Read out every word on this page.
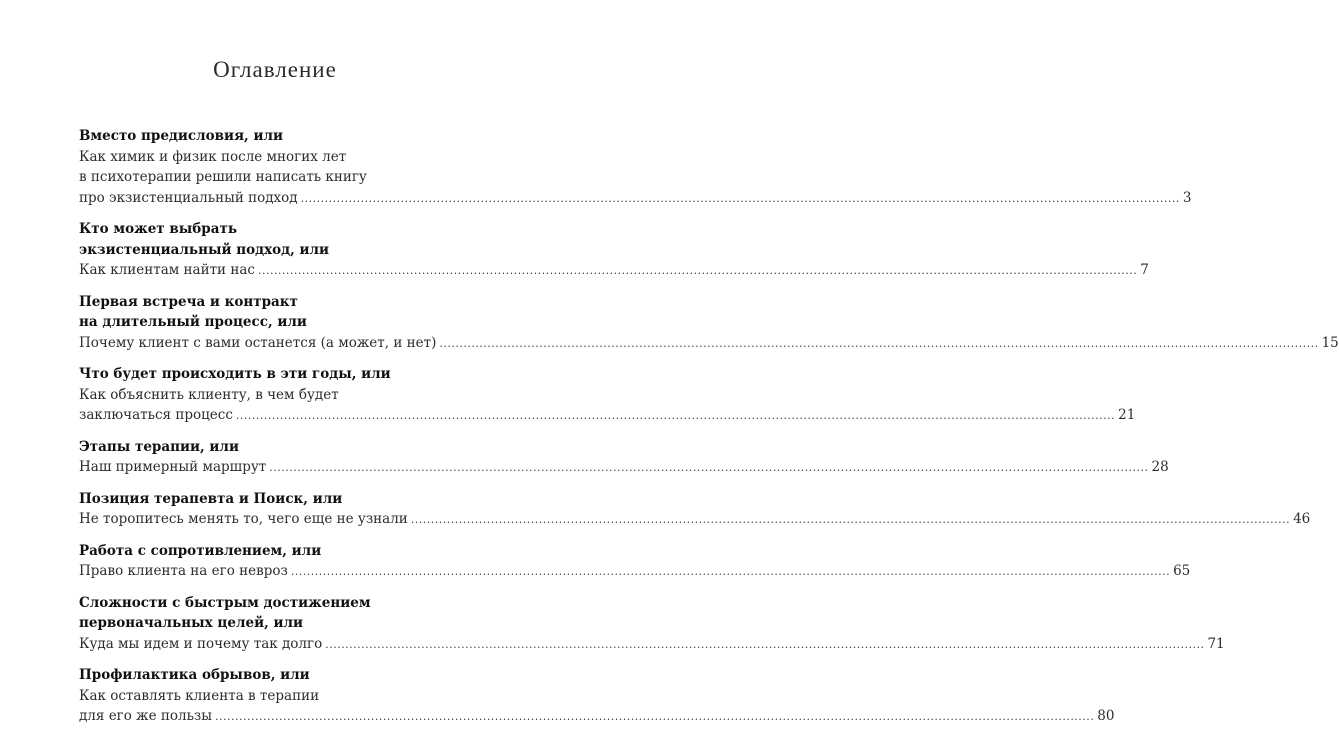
Оглавление
Вместо предисловия, или
Как химик и физик после многих лет
в психотерапии решили написать книгу
про экзистенциальный подход ............................................................................................................................................................................................................................ 3
Кто может выбрать
экзистенциальный подход, или
Как клиентам найти нас ............................................................................................................................................................................................................................ 7
Первая встреча и контракт
на длительный процесс, или
Почему клиент с вами останется (а может, и нет) ............................................................................................................................................................................................................................ 15
Что будет происходить в эти годы, или
Как объяснить клиенту, в чем будет
заключаться процесс ............................................................................................................................................................................................................................ 21
Этапы терапии, или
Наш примерный маршрут ............................................................................................................................................................................................................................ 28
Позиция терапевта и Поиск, или
Не торопитесь менять то, чего еще не узнали ............................................................................................................................................................................................................................ 46
Работа с сопротивлением, или
Право клиента на его невроз ............................................................................................................................................................................................................................ 65
Сложности с быстрым достижением
первоначальных целей, или
Куда мы идем и почему так долго ............................................................................................................................................................................................................................ 71
Профилактика обрывов, или
Как оставлять клиента в терапии
для его же пользы ............................................................................................................................................................................................................................ 80
